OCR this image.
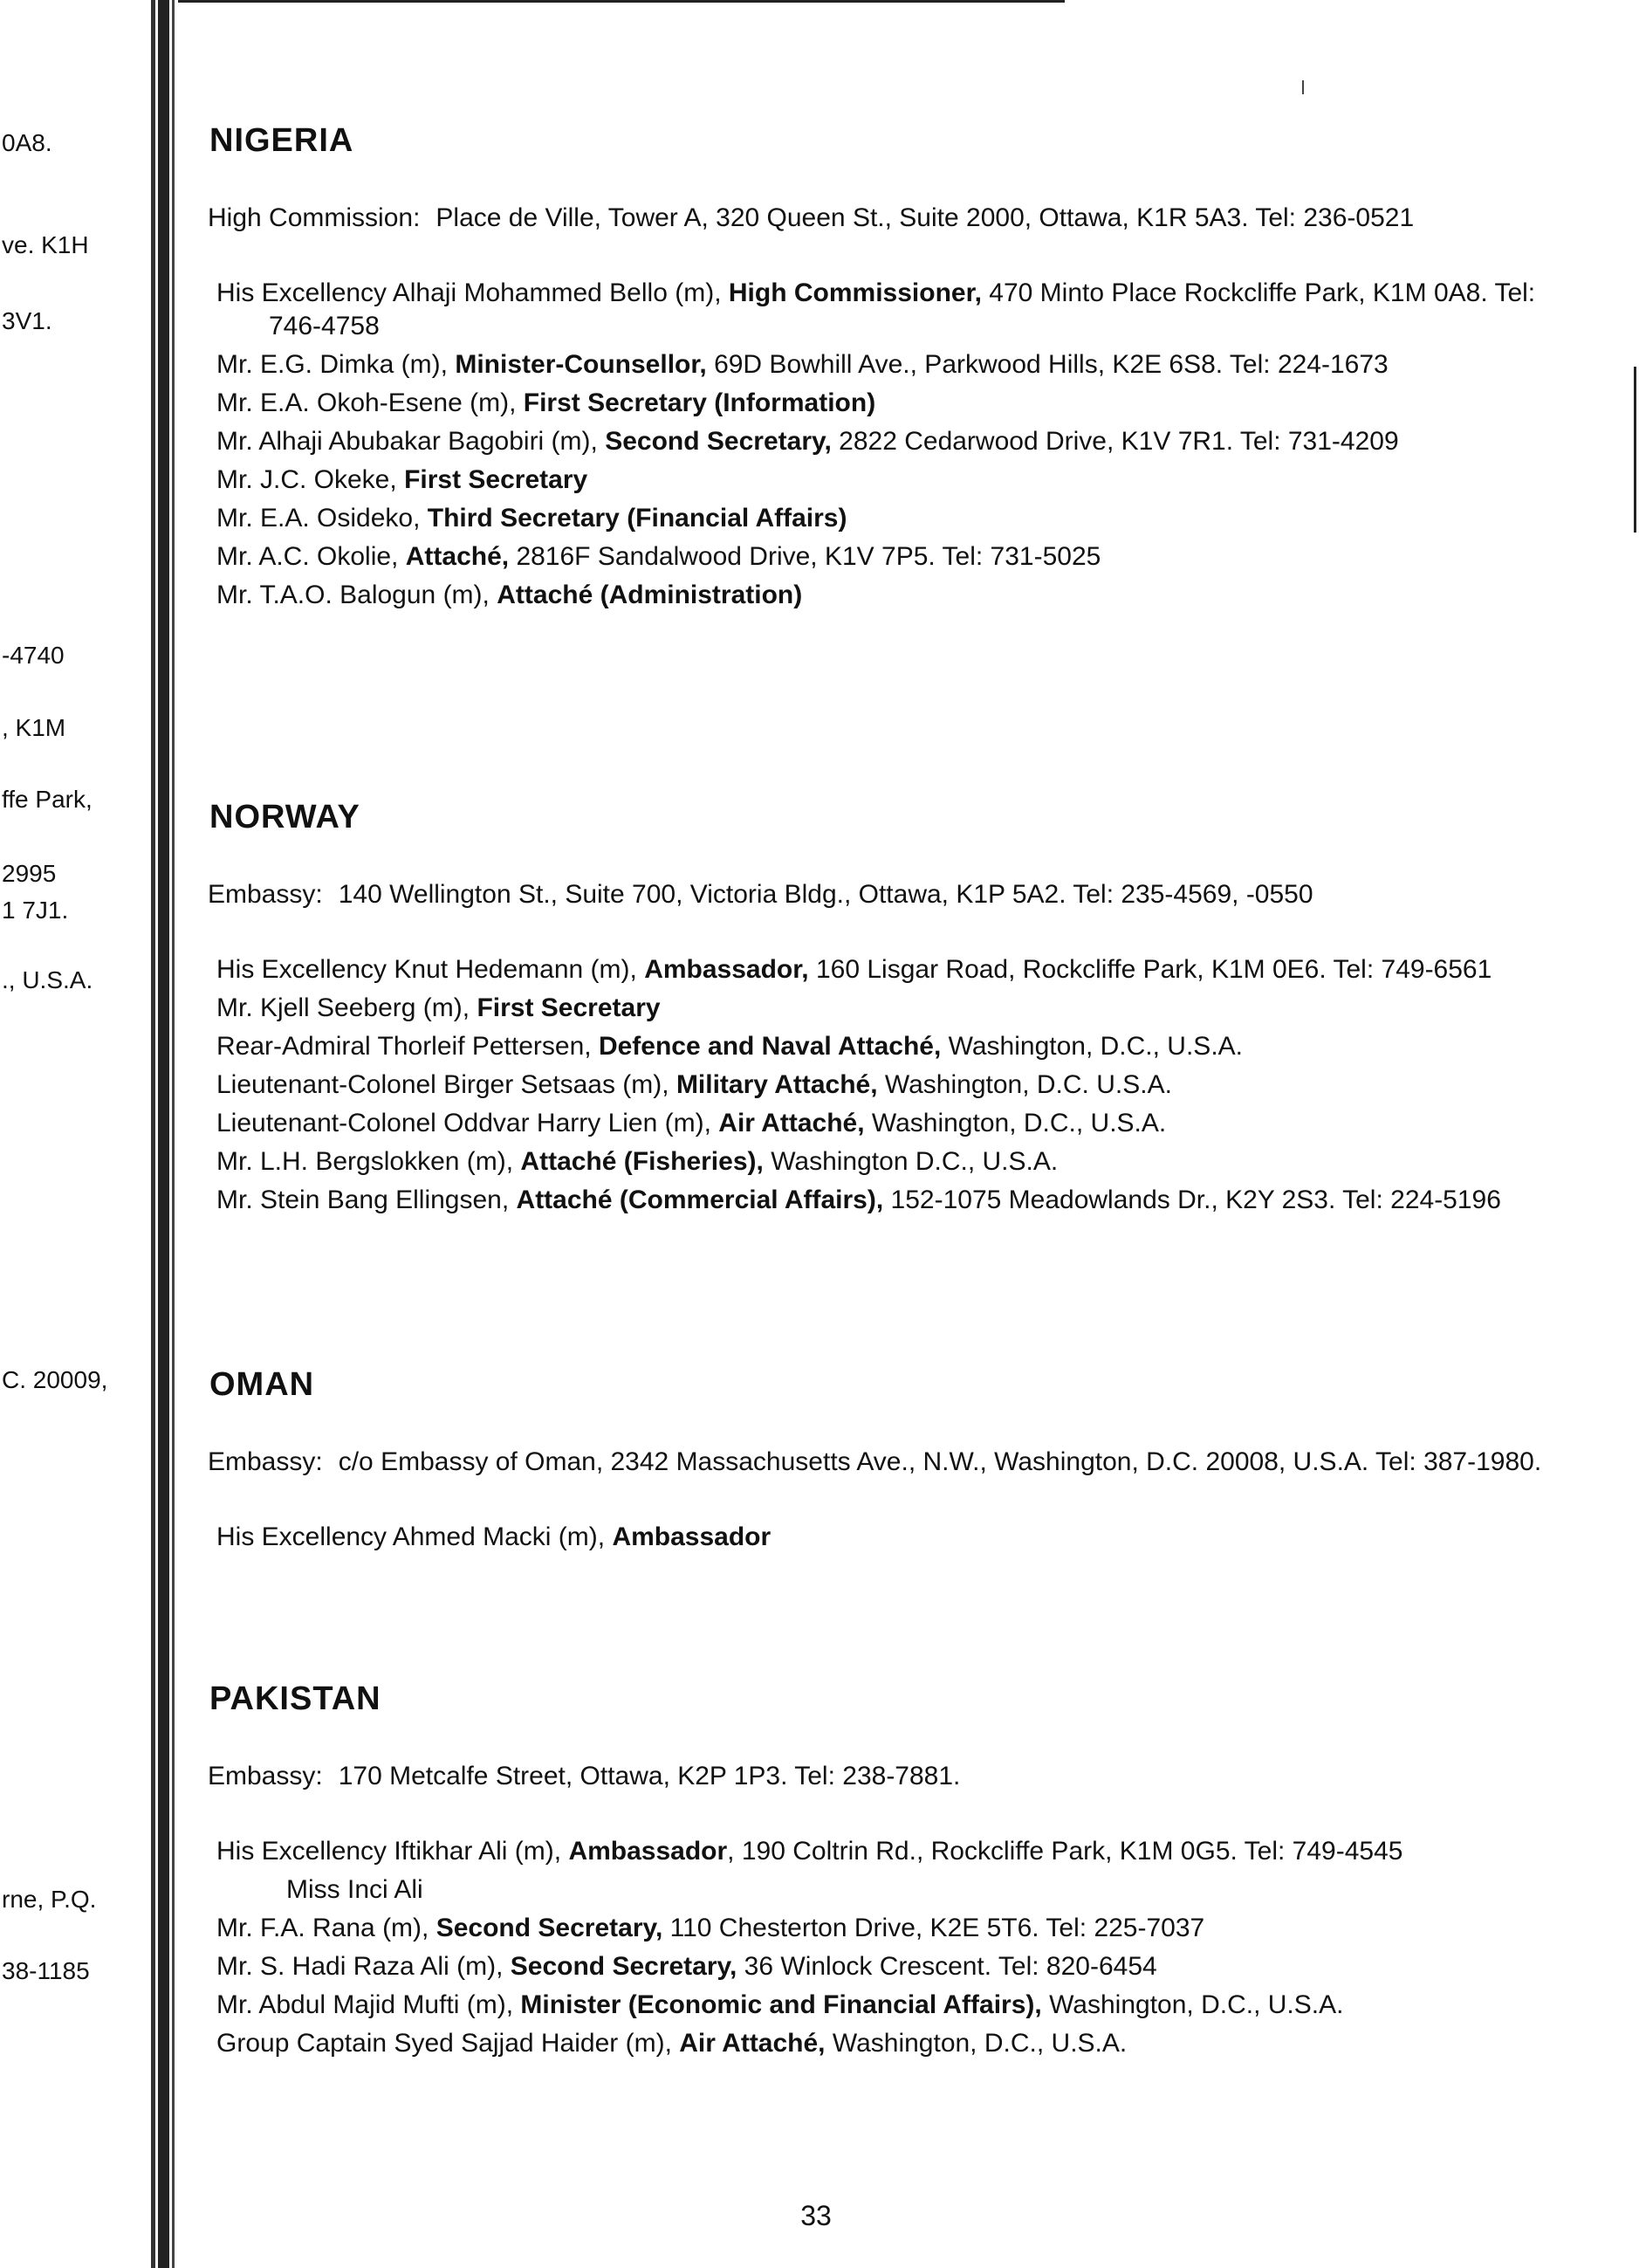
0A8.
ve. K1H
3V1.
-4740
, K1M
ffe Park,
2995
1 7J1.
., U.S.A.
C. 20009,
rne, P.Q.
38-1185
NIGERIA
High Commission: Place de Ville, Tower A, 320 Queen St., Suite 2000, Ottawa, K1R 5A3. Tel: 236-0521
His Excellency Alhaji Mohammed Bello (m), High Commissioner, 470 Minto Place Rockcliffe Park, K1M 0A8. Tel: 746-4758
Mr. E.G. Dimka (m), Minister-Counsellor, 69D Bowhill Ave., Parkwood Hills, K2E 6S8. Tel: 224-1673
Mr. E.A. Okoh-Esene (m), First Secretary (Information)
Mr. Alhaji Abubakar Bagobiri (m), Second Secretary, 2822 Cedarwood Drive, K1V 7R1. Tel: 731-4209
Mr. J.C. Okeke, First Secretary
Mr. E.A. Osideko, Third Secretary (Financial Affairs)
Mr. A.C. Okolie, Attaché, 2816F Sandalwood Drive, K1V 7P5. Tel: 731-5025
Mr. T.A.O. Balogun (m), Attaché (Administration)
NORWAY
Embassy: 140 Wellington St., Suite 700, Victoria Bldg., Ottawa, K1P 5A2. Tel: 235-4569, -0550
His Excellency Knut Hedemann (m), Ambassador, 160 Lisgar Road, Rockcliffe Park, K1M 0E6. Tel: 749-6561
Mr. Kjell Seeberg (m), First Secretary
Rear-Admiral Thorleif Pettersen, Defence and Naval Attaché, Washington, D.C., U.S.A.
Lieutenant-Colonel Birger Setsaas (m), Military Attaché, Washington, D.C. U.S.A.
Lieutenant-Colonel Oddvar Harry Lien (m), Air Attaché, Washington, D.C., U.S.A.
Mr. L.H. Bergslokken (m), Attaché (Fisheries), Washington D.C., U.S.A.
Mr. Stein Bang Ellingsen, Attaché (Commercial Affairs), 152-1075 Meadowlands Dr., K2Y 2S3. Tel: 224-5196
OMAN
Embassy: c/o Embassy of Oman, 2342 Massachusetts Ave., N.W., Washington, D.C. 20008, U.S.A. Tel: 387-1980.
His Excellency Ahmed Macki (m), Ambassador
PAKISTAN
Embassy: 170 Metcalfe Street, Ottawa, K2P 1P3. Tel: 238-7881.
His Excellency Iftikhar Ali (m), Ambassador, 190 Coltrin Rd., Rockcliffe Park, K1M 0G5. Tel: 749-4545
Miss Inci Ali
Mr. F.A. Rana (m), Second Secretary, 110 Chesterton Drive, K2E 5T6. Tel: 225-7037
Mr. S. Hadi Raza Ali (m), Second Secretary, 36 Winlock Crescent. Tel: 820-6454
Mr. Abdul Majid Mufti (m), Minister (Economic and Financial Affairs), Washington, D.C., U.S.A.
Group Captain Syed Sajjad Haider (m), Air Attaché, Washington, D.C., U.S.A.
33
